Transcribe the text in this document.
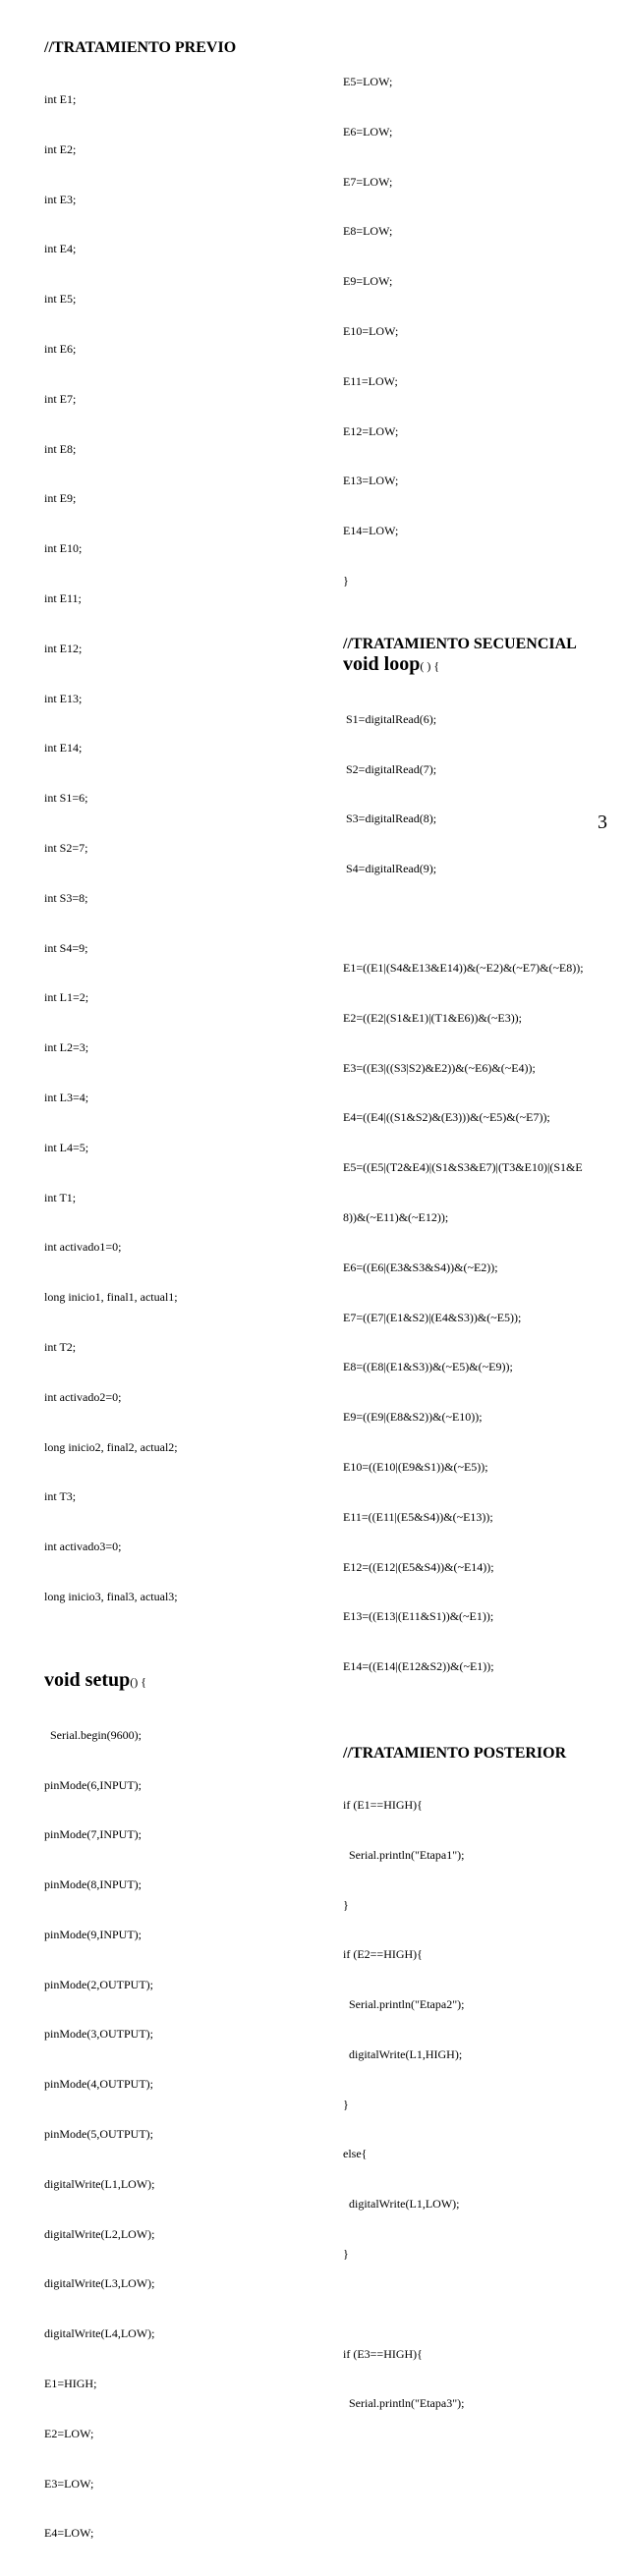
//TRATAMIENTO PREVIO

int E1;

int E2;

int E3;

int E4;

int E5;

int E6;

int E7;

int E8;

int E9;

int E10;

int E11;

int E12;

int E13;

int E14;

int S1=6;

int S2=7;

int S3=8;

int S4=9;

int L1=2;

int L2=3;

int L3=4;

int L4=5;

int T1;

int activado1=0;

long inicio1, final1, actual1;

int T2;

int activado2=0;

long inicio2, final2, actual2;

int T3;

int activado3=0;

long inicio3, final3, actual3;

void setup() {

Serial.begin(9600);

pinMode(6,INPUT);

pinMode(7,INPUT);

pinMode(8,INPUT);

pinMode(9,INPUT);

pinMode(2,OUTPUT);

pinMode(3,OUTPUT);

pinMode(4,OUTPUT);

pinMode(5,OUTPUT);

digitalWrite(L1,LOW);

digitalWrite(L2,LOW);

digitalWrite(L3,LOW);

digitalWrite(L4,LOW);

E1=HIGH;

E2=LOW;

E3=LOW;

E4=LOW;

E5=LOW;

E6=LOW;

E7=LOW;

E8=LOW;

E9=LOW;

E10=LOW;

E11=LOW;

E12=LOW;

E13=LOW;

E14=LOW;

}

//TRATAMIENTO SECUENCIAL
void loop( ) {

S1=digitalRead(6);

S2=digitalRead(7);

S3=digitalRead(8);

S4=digitalRead(9);

E1=((E1|(S4&E13&E14))&(~E2)&(~E7)&(~E8));

E2=((E2|(S1&E1)|(T1&E6))&(~E3));

E3=((E3|((S3|S2)&E2))&(~E6)&(~E4));

E4=((E4|((S1&S2)&(E3)))&(~E5)&(~E7));

E5=((E5|(T2&E4)|(S1&S3&E7)|(T3&E10)|(S1&E

8))&(~E11)&(~E12));

E6=((E6|(E3&S3&S4))&(~E2));

E7=((E7|(E1&S2)|(E4&S3))&(~E5));

E8=((E8|(E1&S3))&(~E5)&(~E9));

E9=((E9|(E8&S2))&(~E10));

E10=((E10|(E9&S1))&(~E5));

E11=((E11|(E5&S4))&(~E13));

E12=((E12|(E5&S4))&(~E14));

E13=((E13|(E11&S1))&(~E1));

E14=((E14|(E12&S2))&(~E1));

//TRATAMIENTO POSTERIOR

if (E1==HIGH){

Serial.println("Etapa1");

}

if (E2==HIGH){

Serial.println("Etapa2");

digitalWrite(L1,HIGH);

}

else{

digitalWrite(L1,LOW);

}

if (E3==HIGH){

Serial.println("Etapa3");

3
